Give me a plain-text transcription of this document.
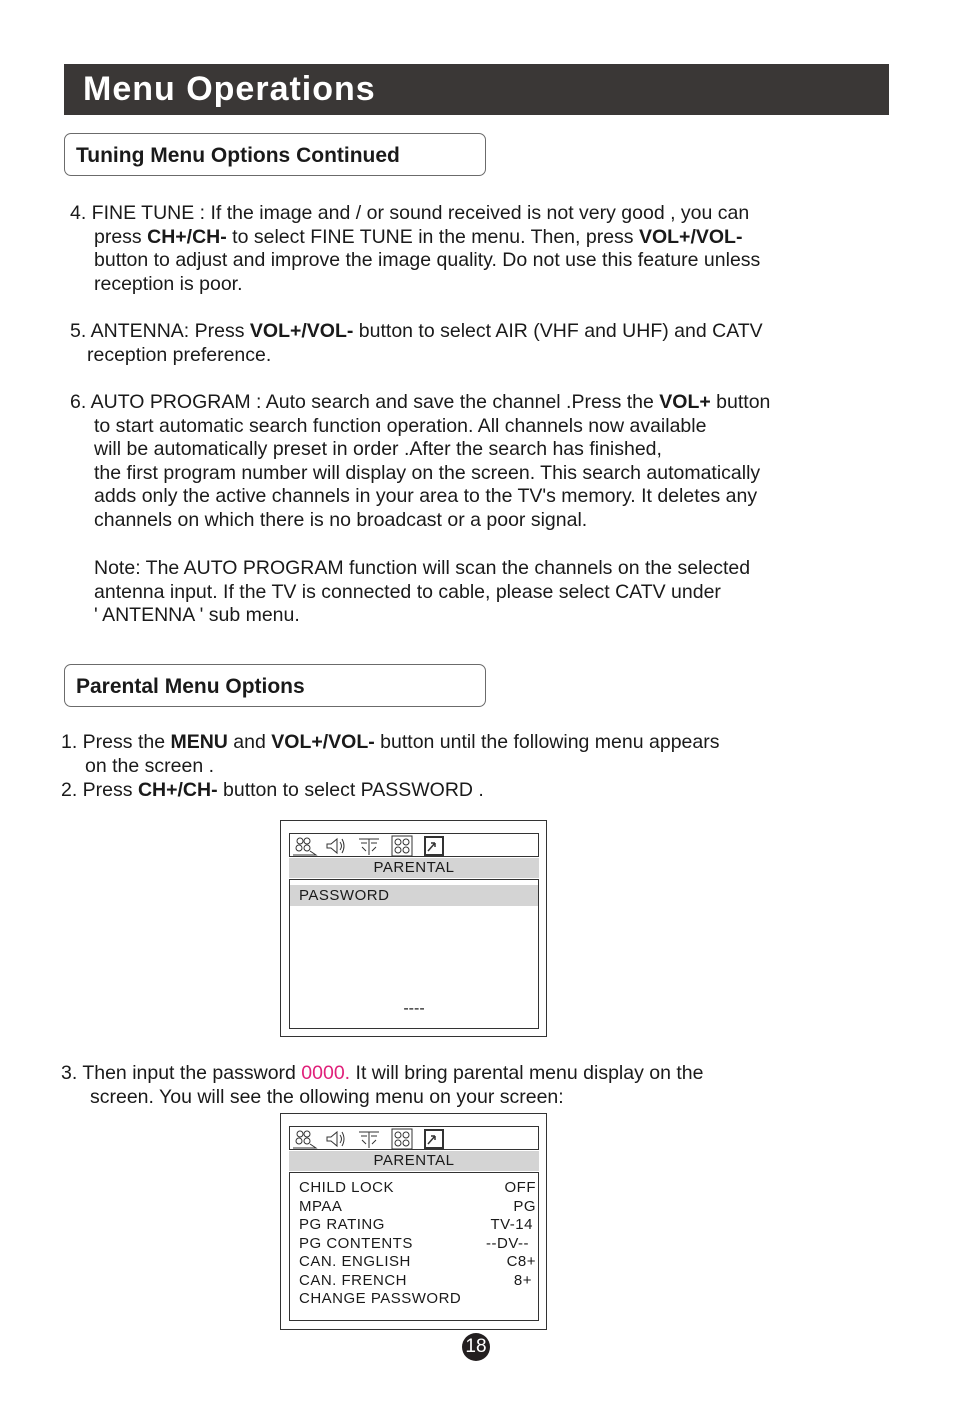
Menu Operations
Tuning Menu Options Continued

4. FINE TUNE : If the image and / or sound received is not very good , you can
press CH+/CH- to select FINE TUNE in the menu. Then, press VOL+/VOL-
button to adjust and improve the image quality. Do not use this feature unless
reception is poor.

5. ANTENNA: Press VOL+/VOL- button to select AIR (VHF and UHF) and CATV
reception preference.

6. AUTO PROGRAM : Auto search and save the channel .Press the VOL+ button
to start automatic search function operation. All channels now available
will be automatically preset in order .After the search has finished,
the first program number will display on the screen. This search automatically
adds only the active channels in your area to the TV's memory. It deletes any
channels on which there is no broadcast or a poor signal.

Note: The AUTO PROGRAM function will scan the channels on the selected
antenna input. If the TV is connected to cable, please select CATV under
' ANTENNA ' sub menu.

Parental Menu Options

1. Press the MENU and VOL+/VOL- button until the following menu appears
on the screen .

2. Press CH+/CH- button to select PASSWORD .

PARENTAL
PASSWORD
----

3. Then input the password 0000. It will bring parental menu display on the
screen. You will see the ollowing menu on your screen:

PARENTAL
CHILD LOCK	OFF
MPAA	PG
PG RATING	TV-14
PG CONTENTS	--DV--
CAN. ENGLISH	C8+
CAN. FRENCH	8+
CHANGE PASSWORD
18
